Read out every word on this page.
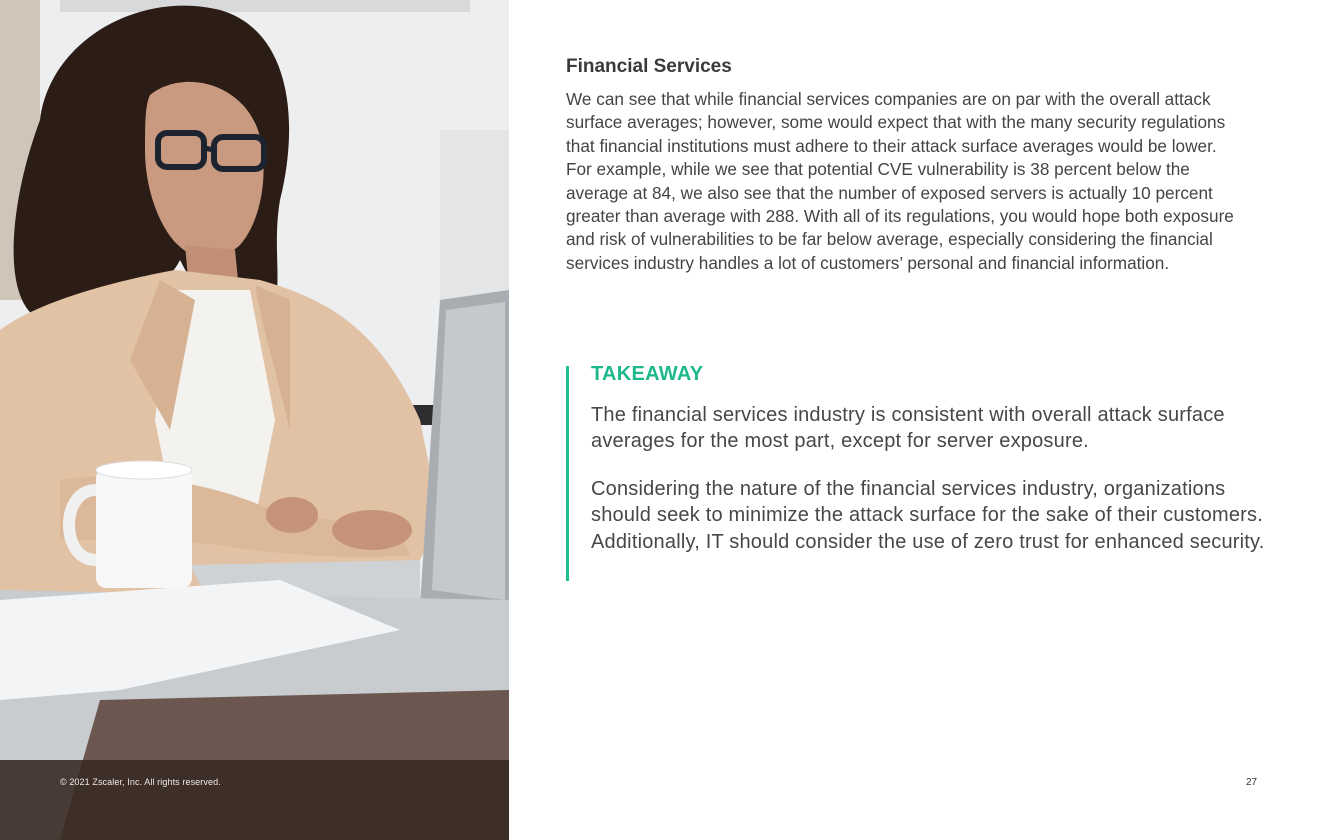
© 2021 Zscaler, Inc. All rights reserved.
Financial Services
We can see that while financial services companies are on par with the overall attack surface averages; however, some would expect that with the many security regulations that financial institutions must adhere to their attack surface averages would be lower. For example, while we see that potential CVE vulnerability is 38 percent below the average at 84, we also see that the number of exposed servers is actually 10 percent greater than average with 288. With all of its regulations, you would hope both exposure and risk of vulnerabilities to be far below average, especially considering the financial services industry handles a lot of customers’ personal and financial information.
TAKEAWAY
The financial services industry is consistent with overall attack surface averages for the most part, except for server exposure.
Considering the nature of the financial services industry, organizations should seek to minimize the attack surface for the sake of their customers. Additionally, IT should consider the use of zero trust for enhanced security.
27
